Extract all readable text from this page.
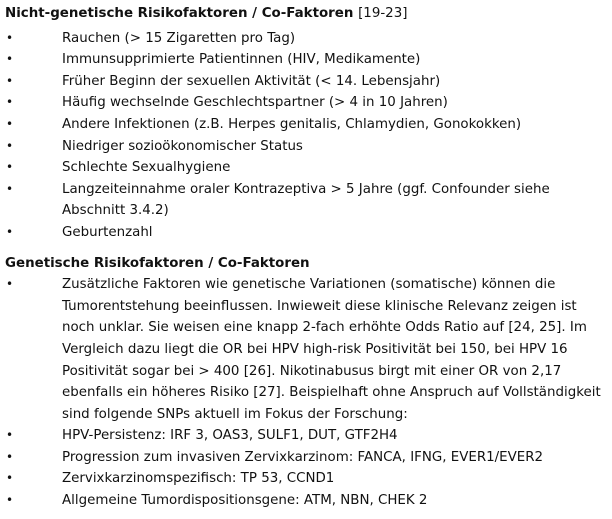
Nicht-genetische Risikofaktoren / Co-Faktoren [19-23]

•	Rauchen (> 15 Zigaretten pro Tag)
•	Immunsupprimierte Patientinnen (HIV, Medikamente)
•	Früher Beginn der sexuellen Aktivität (< 14. Lebensjahr)
•	Häufig wechselnde Geschlechtspartner (> 4 in 10 Jahren)
•	Andere Infektionen (z.B. Herpes genitalis, Chlamydien, Gonokokken)
•	Niedriger sozioökonomischer Status
•	Schlechte Sexualhygiene
•	Langzeiteinnahme oraler Kontrazeptiva > 5 Jahre (ggf. Confounder siehe Abschnitt 3.4.2)
•	Geburtenzahl

Genetische Risikofaktoren / Co-Faktoren

•	Zusätzliche Faktoren wie genetische Variationen (somatische) können die Tumorentstehung beeinflussen. Inwieweit diese klinische Relevanz zeigen ist noch unklar. Sie weisen eine knapp 2-fach erhöhte Odds Ratio auf [24, 25]. Im Vergleich dazu liegt die OR bei HPV high-risk Positivität bei 150, bei HPV 16 Positivität sogar bei > 400 [26]. Nikotinabusus birgt mit einer OR von 2,17 ebenfalls ein höheres Risiko [27]. Beispielhaft ohne Anspruch auf Vollständigkeit sind folgende SNPs aktuell im Fokus der Forschung:
•	HPV-Persistenz: IRF 3, OAS3, SULF1, DUT, GTF2H4
•	Progression zum invasiven Zervixkarzinom: FANCA, IFNG, EVER1/EVER2
•	Zervixkarzinomspezifisch: TP 53, CCND1
•	Allgemeine Tumordispositionsgene: ATM, NBN, CHEK 2
